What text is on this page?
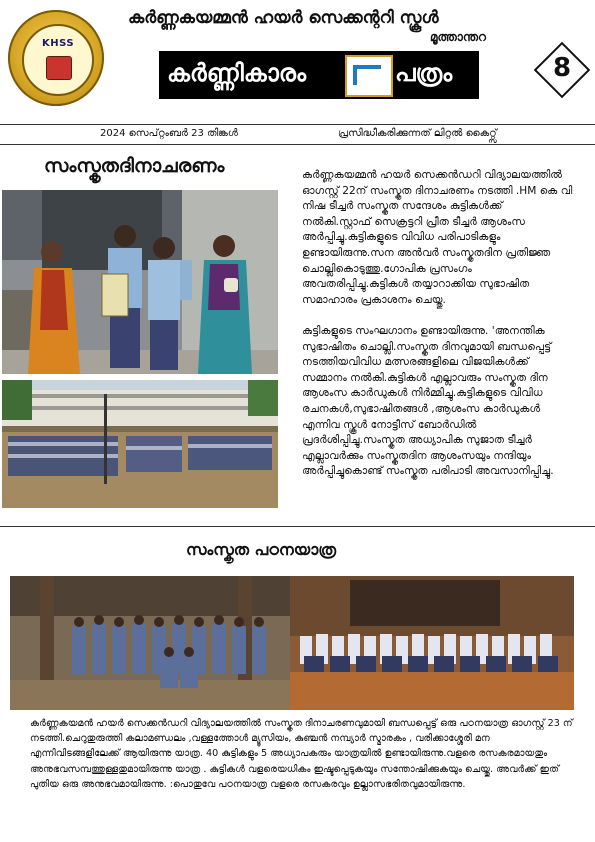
KHSS
കര്‍ണ്ണകയമ്മന്‍ ഹയര്‍ സെക്കന്ററി സ്കൂള്‍
മൂത്താന്തറ
കര്‍ണ്ണികാരം	പത്രം	8
2024 സെപ്റ്റംബര്‍ 23 തിങ്കള്‍	പ്രസിദ്ധീകരിക്കുന്നത് ലിറ്റല്‍ കൈറ്റ്സ്
സംസ്കൃതദിനാചരണം	കര്‍ണ്ണകയമ്മന്‍ ഹയര്‍ സെക്കന്‍ഡറി വിദ്യാലയത്തില്‍ ഓഗസ്റ്റ് 22ന് സംസ്കൃത ദിനാചരണം നടത്തി .HM കെ വി നിഷ ടീച്ചര്‍ സംസ്കൃത സന്ദേശം കുട്ടികള്‍ക്ക് നല്‍കി.സ്റ്റാഫ് സെക്രട്ടറി പ്രീത ടീച്ചര്‍ ആശംസ അര്‍പ്പിച്ചു.കുട്ടികളുടെ വിവിധ പരിപാടികളും ഉണ്ടായിരുന്നു.സന അന്‍വര്‍ സംസ്കൃതദിന പ്രതിജ്ഞ ചൊല്ലികൊടുത്തു.ഗോപിക പ്രസംഗം അവതരിപ്പിച്ചു.കുട്ടികള്‍ തയ്യാറാക്കിയ സുഭാഷിത സമാഹാരം പ്രകാശനം ചെയ്തു.
കുട്ടികളുടെ സംഘഗാനം ഉണ്ടായിരുന്നു. 'അനന്തിക സുഭാഷിതം ചൊല്ലി.സംസ്കൃത ദിനവുമായി ബന്ധപ്പെട്ട് നടത്തിയവിവിധ മത്സരങ്ങളിലെ വിജയികള്‍ക്ക് സമ്മാനം നല്‍കി.കുട്ടികള്‍ എല്ലാവരും സംസ്കൃത ദിന ആശംസ കാര്‍ഡുകള്‍ നിര്‍മ്മിച്ചു.കുട്ടികളുടെ വിവിധ രചനകള്‍,സുഭാഷിതങ്ങള്‍ ,ആശംസ കാര്‍ഡുകള്‍ എന്നിവ സ്കൂള്‍ നോട്ടീസ് ബോര്‍ഡില്‍ പ്രദര്‍ശിപ്പിച്ചു.സംസ്കൃത അധ്യാപിക സുജാത ടീച്ചര്‍ എല്ലാവര്‍ക്കും സംസ്കൃതദിന ആശംസയും നന്ദിയും അര്‍പ്പിച്ചുകൊണ്ട് സംസ്കൃത പരിപാടി അവസാനിപ്പിച്ചു.
സംസ്കൃത പഠനയാത്ര
കര്‍ണ്ണകയമന്‍ ഹയര്‍ സെക്കന്‍ഡറി വിദ്യാലയത്തില്‍ സംസ്കൃത ദിനാചരണവുമായി ബന്ധപ്പെട്ട് ഒരു പഠനയാത്ര ഓഗസ്റ്റ് 23 ന് നടത്തി.ചെറുതുരുത്തി കലാമണ്ഡലം ,വള്ളത്തോള്‍ മ്യൂസിയം, കുഞ്ചന്‍ നമ്പ്യാര്‍ സ്മാരകം , വരിക്കാശ്ശേരി മന എന്നിവിടങ്ങളിലേക്ക് ആയിരുന്നു യാത്ര. 40 കുട്ടികളും 5 അധ്യാപകരും യാത്രയില്‍ ഉണ്ടായിരുന്നു.വളരെ രസകരമായതും അനുഭവസമ്പത്തുള്ളതുമായിരുന്നു യാത്ര . കുട്ടികള്‍ വളരെയധികം ഇഷ്ടപ്പെടുകയും സന്തോഷിക്കുകയും ചെയ്തു. അവര്‍ക്ക് ഇത് പുതിയ ഒരു അനുഭവമായിരുന്നു. :പൊതുവേ പഠനയാത്ര വളരെ രസകരവും ഉല്ലാസഭരിതവുമായിരുന്നു.
